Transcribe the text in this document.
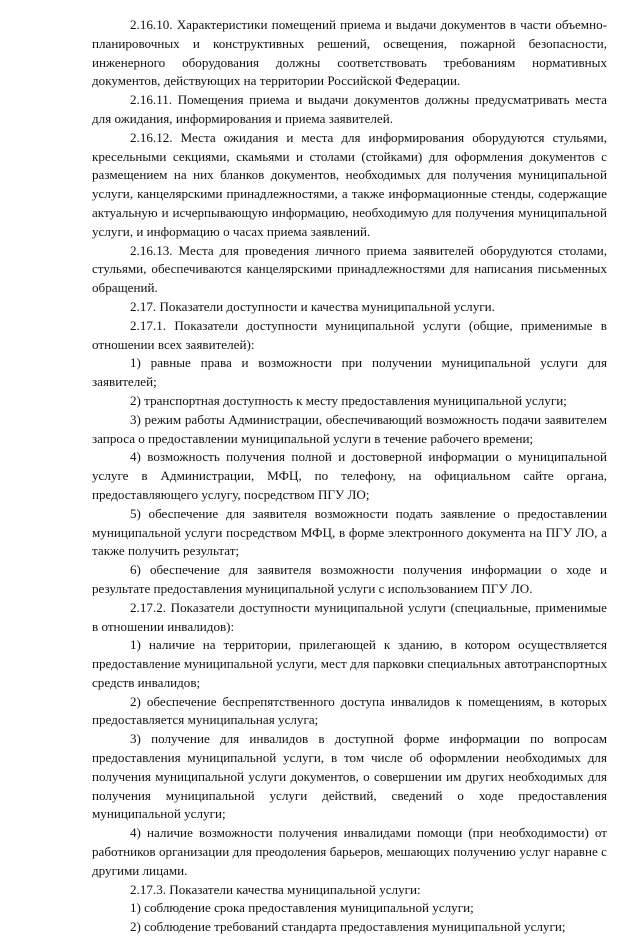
2.16.10. Характеристики помещений приема и выдачи документов в части объемно-планировочных и конструктивных решений, освещения, пожарной безопасности, инженерного оборудования должны соответствовать требованиям нормативных документов, действующих на территории Российской Федерации.

2.16.11. Помещения приема и выдачи документов должны предусматривать места для ожидания, информирования и приема заявителей.

2.16.12. Места ожидания и места для информирования оборудуются стульями, кресельными секциями, скамьями и столами (стойками) для оформления документов с размещением на них бланков документов, необходимых для получения муниципальной услуги, канцелярскими принадлежностями, а также информационные стенды, содержащие актуальную и исчерпывающую информацию, необходимую для получения муниципальной услуги, и информацию о часах приема заявлений.

2.16.13. Места для проведения личного приема заявителей оборудуются столами, стульями, обеспечиваются канцелярскими принадлежностями для написания письменных обращений.

2.17. Показатели доступности и качества муниципальной услуги.

2.17.1. Показатели доступности муниципальной услуги (общие, применимые в отношении всех заявителей):

1) равные права и возможности при получении муниципальной услуги для заявителей;

2) транспортная доступность к месту предоставления муниципальной услуги;

3) режим работы Администрации, обеспечивающий возможность подачи заявителем запроса о предоставлении муниципальной услуги в течение рабочего времени;

4) возможность получения полной и достоверной информации о муниципальной услуге в Администрации, МФЦ, по телефону, на официальном сайте органа, предоставляющего услугу, посредством ПГУ ЛО;

5) обеспечение для заявителя возможности подать заявление о предоставлении муниципальной услуги посредством МФЦ, в форме электронного документа на ПГУ ЛО, а также получить результат;

6) обеспечение для заявителя возможности получения информации о ходе и результате предоставления муниципальной услуги с использованием ПГУ ЛО.

2.17.2. Показатели доступности муниципальной услуги (специальные, применимые в отношении инвалидов):

1) наличие на территории, прилегающей к зданию, в котором осуществляется предоставление муниципальной услуги, мест для парковки специальных автотранспортных средств инвалидов;

2) обеспечение беспрепятственного доступа инвалидов к помещениям, в которых предоставляется муниципальная услуга;

3) получение для инвалидов в доступной форме информации по вопросам предоставления муниципальной услуги, в том числе об оформлении необходимых для получения муниципальной услуги документов, о совершении им других необходимых для получения муниципальной услуги действий, сведений о ходе предоставления муниципальной услуги;

4) наличие возможности получения инвалидами помощи (при необходимости) от работников организации для преодоления барьеров, мешающих получению услуг наравне с другими лицами.

2.17.3. Показатели качества муниципальной услуги:

1) соблюдение срока предоставления муниципальной услуги;

2) соблюдение требований стандарта предоставления муниципальной услуги;
